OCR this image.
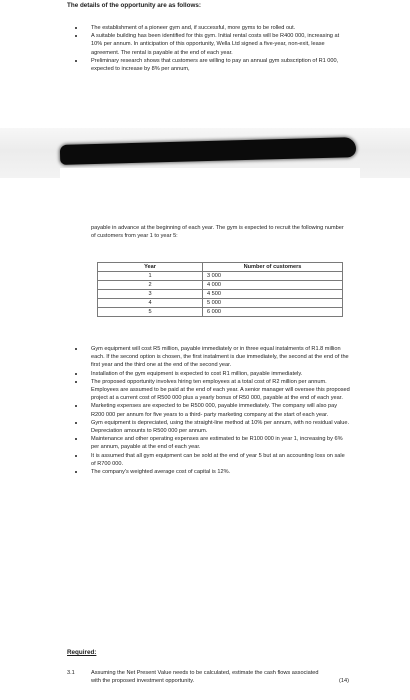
The details of the opportunity are as follows:
The establishment of a pioneer gym and, if successful, more gyms to be rolled out.
A suitable building has been identified for this gym. Initial rental costs will be R400 000, increasing at 10% per annum. In anticipation of this opportunity, Wella Ltd signed a five-year, non-exit, lease agreement. The rental is payable at the end of each year.
Preliminary research shows that customers are willing to pay an annual gym subscription of R1 000, expected to increase by 8% per annum,
payable in advance at the beginning of each year. The gym is expected to recruit the following number of customers from year 1 to year 5:
Year	Number of customers
1	3 000
2	4 000
3	4 500
4	5 000
5	6 000
Gym equipment will cost R5 million, payable immediately or in three equal instalments of R1.8 million each. If the second option is chosen, the first instalment is due immediately, the second at the end of the first year and the third one at the end of the second year.
Installation of the gym equipment is expected to cost R1 million, payable immediately.
The proposed opportunity involves hiring ten employees at a total cost of R2 million per annum. Employees are assumed to be paid at the end of each year. A senior manager will oversee this proposed project at a current cost of R500 000 plus a yearly bonus of R50 000, payable at the end of each year.
Marketing expenses are expected to be R500 000, payable immediately. The company will also pay R200 000 per annum for five years to a third- party marketing company at the start of each year.
Gym equipment is depreciated, using the straight-line method at 10% per annum, with no residual value. Depreciation amounts to R500 000 per annum.
Maintenance and other operating expenses are estimated to be R100 000 in year 1, increasing by 6% per annum, payable at the end of each year.
It is assumed that all gym equipment can be sold at the end of year 5 but at an accounting loss on sale of R700 000.
The company's weighted average cost of capital is 12%.
Required:
3.1	Assuming the Net Present Value needs to be calculated, estimate the cash flows associated with the proposed investment opportunity.	(14)
